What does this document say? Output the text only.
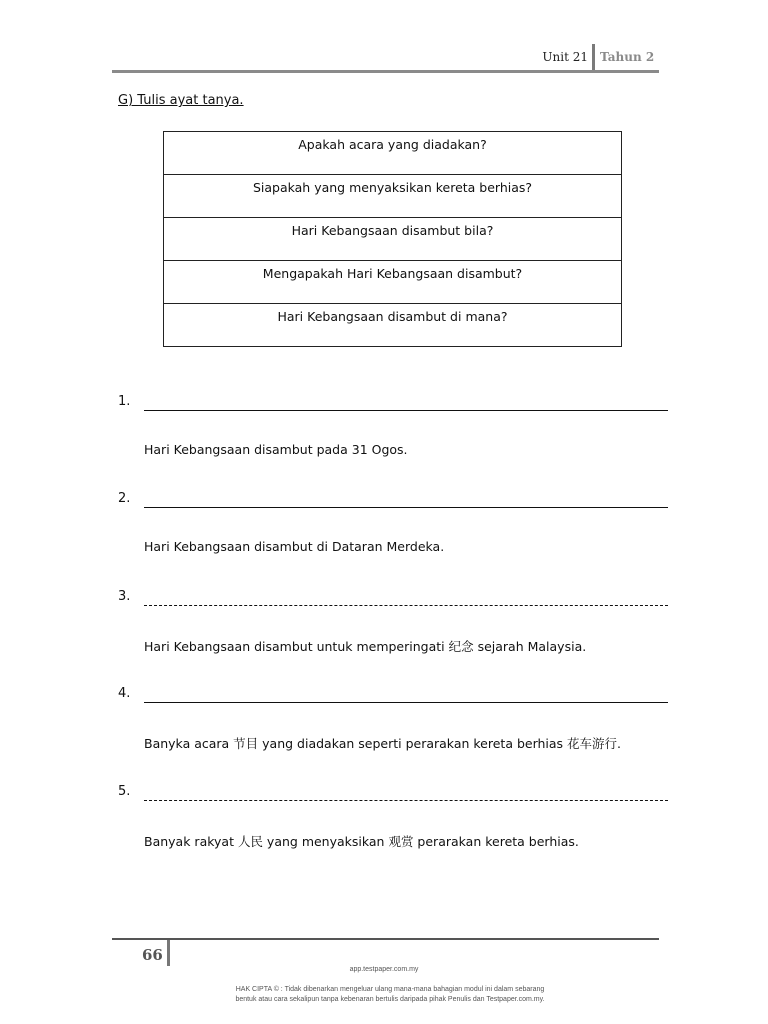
Unit 21 Tahun 2
G) Tulis ayat tanya.
Apakah acara yang diadakan?
Siapakah yang menyaksikan kereta berhias?
Hari Kebangsaan disambut bila?
Mengapakah Hari Kebangsaan disambut?
Hari Kebangsaan disambut di mana?
1.
Hari Kebangsaan disambut pada 31 Ogos.
2.
Hari Kebangsaan disambut di Dataran Merdeka.
3.
Hari Kebangsaan disambut untuk memperingati 纪念 sejarah Malaysia.
4.
Banyka acara 节目 yang diadakan seperti perarakan kereta berhias 花车游行.
5.
Banyak rakyat 人民 yang menyaksikan 观赏 perarakan kereta berhias.
66
app.testpaper.com.my
HAK CIPTA © : Tidak dibenarkan mengeluar ulang mana-mana bahagian modul ini dalam sebarang
bentuk atau cara sekalipun tanpa kebenaran bertulis daripada pihak Penulis dan Testpaper.com.my.
